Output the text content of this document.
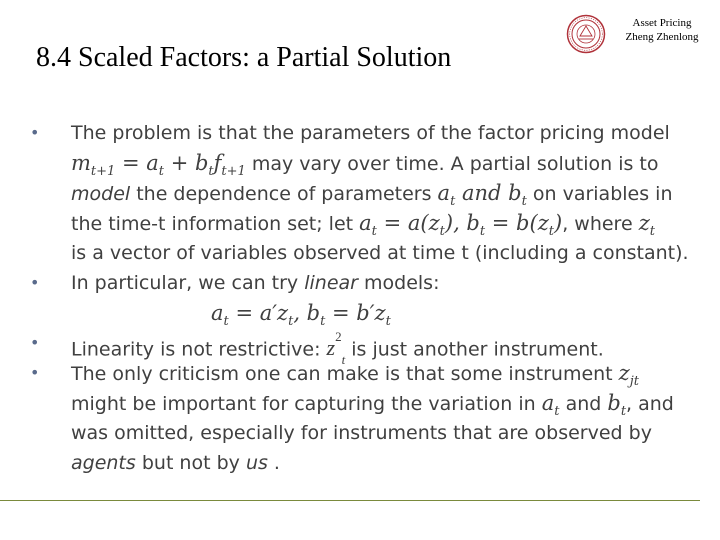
8.4 Scaled Factors: a Partial Solution
Asset Pricing
Zheng Zhenlong
• The problem is that the parameters of the factor pricing model
$m_{t+1} = a_t + b_tf_{t+1}$ may vary over time. A partial solution is to
model the dependence of parameters $a_t$ and $b_t$ on variables in
the time-t information set; let $a_t = a(z_t)$, $b_t = b(z_t)$, where $z_t$
is a vector of variables observed at time t (including a constant).
• In particular, we can try linear models:
$a_t = a'z_t$, $b_t = b'z_t$
• Linearity is not restrictive: $z^2_t$ is just another instrument.
• The only criticism one can make is that some instrument $z_{jt}$
might be important for capturing the variation in $a_t$ and $b_t$, and
was omitted, especially for instruments that are observed by
agents but not by us .
